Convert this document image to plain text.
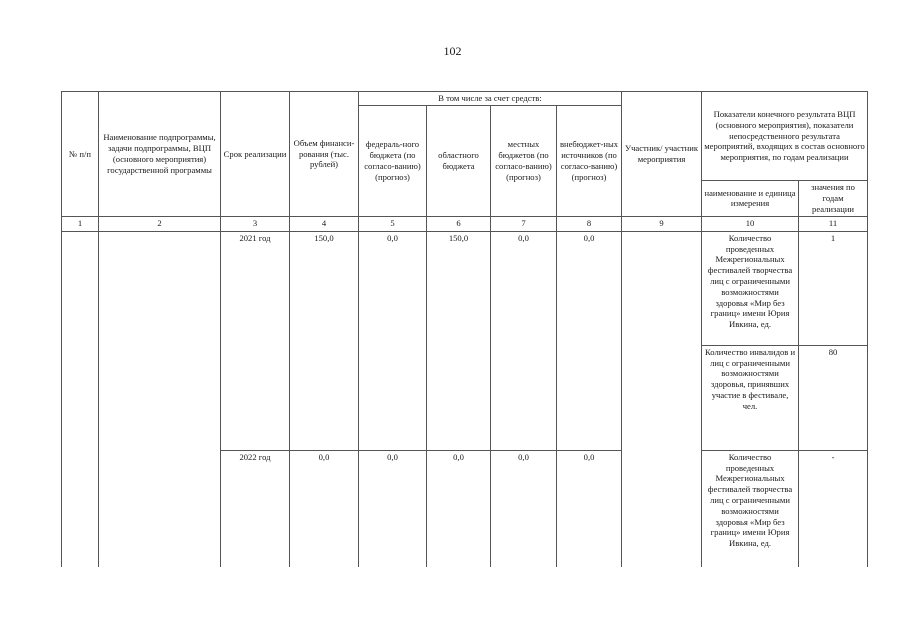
102
№ п/п	Наименование подпрограммы, задачи подпрограммы, ВЦП (основного мероприятия) государственной программы	Срок реализации	Объем финанси-рования (тыс. рублей)	В том числе за счет средств:				Участник/ участник мероприятия	Показатели конечного результата ВЦП (основного мероприятия), показатели непосредственного результата мероприятий, входящих в состав основного мероприятия, по годам реализации	
				федераль-ного бюджета (по согласо-ванию) (прогноз)	областного бюджета	местных бюджетов (по согласо-ванию) (прогноз)	внебюджет-ных источников (по согласо-ванию) (прогноз)			
									наименование и единица измерения	значения по годам реализации
1	2	3	4	5	6	7	8	9	10	11
		2021 год	150,0	0,0	150,0	0,0	0,0		Количество проведенных Межрегиональных фестивалей творчества лиц с ограниченными возможностями здоровья «Мир без границ» имени Юрия Ивкина, ед.	1
									Количество инвалидов и лиц с ограниченными возможностями здоровья, принявших участие в фестивале, чел.	80
		2022 год	0,0	0,0	0,0	0,0	0,0		Количество проведенных Межрегиональных фестивалей творчества лиц с ограниченными возможностями здоровья «Мир без границ» имени Юрия Ивкина, ед.	-
